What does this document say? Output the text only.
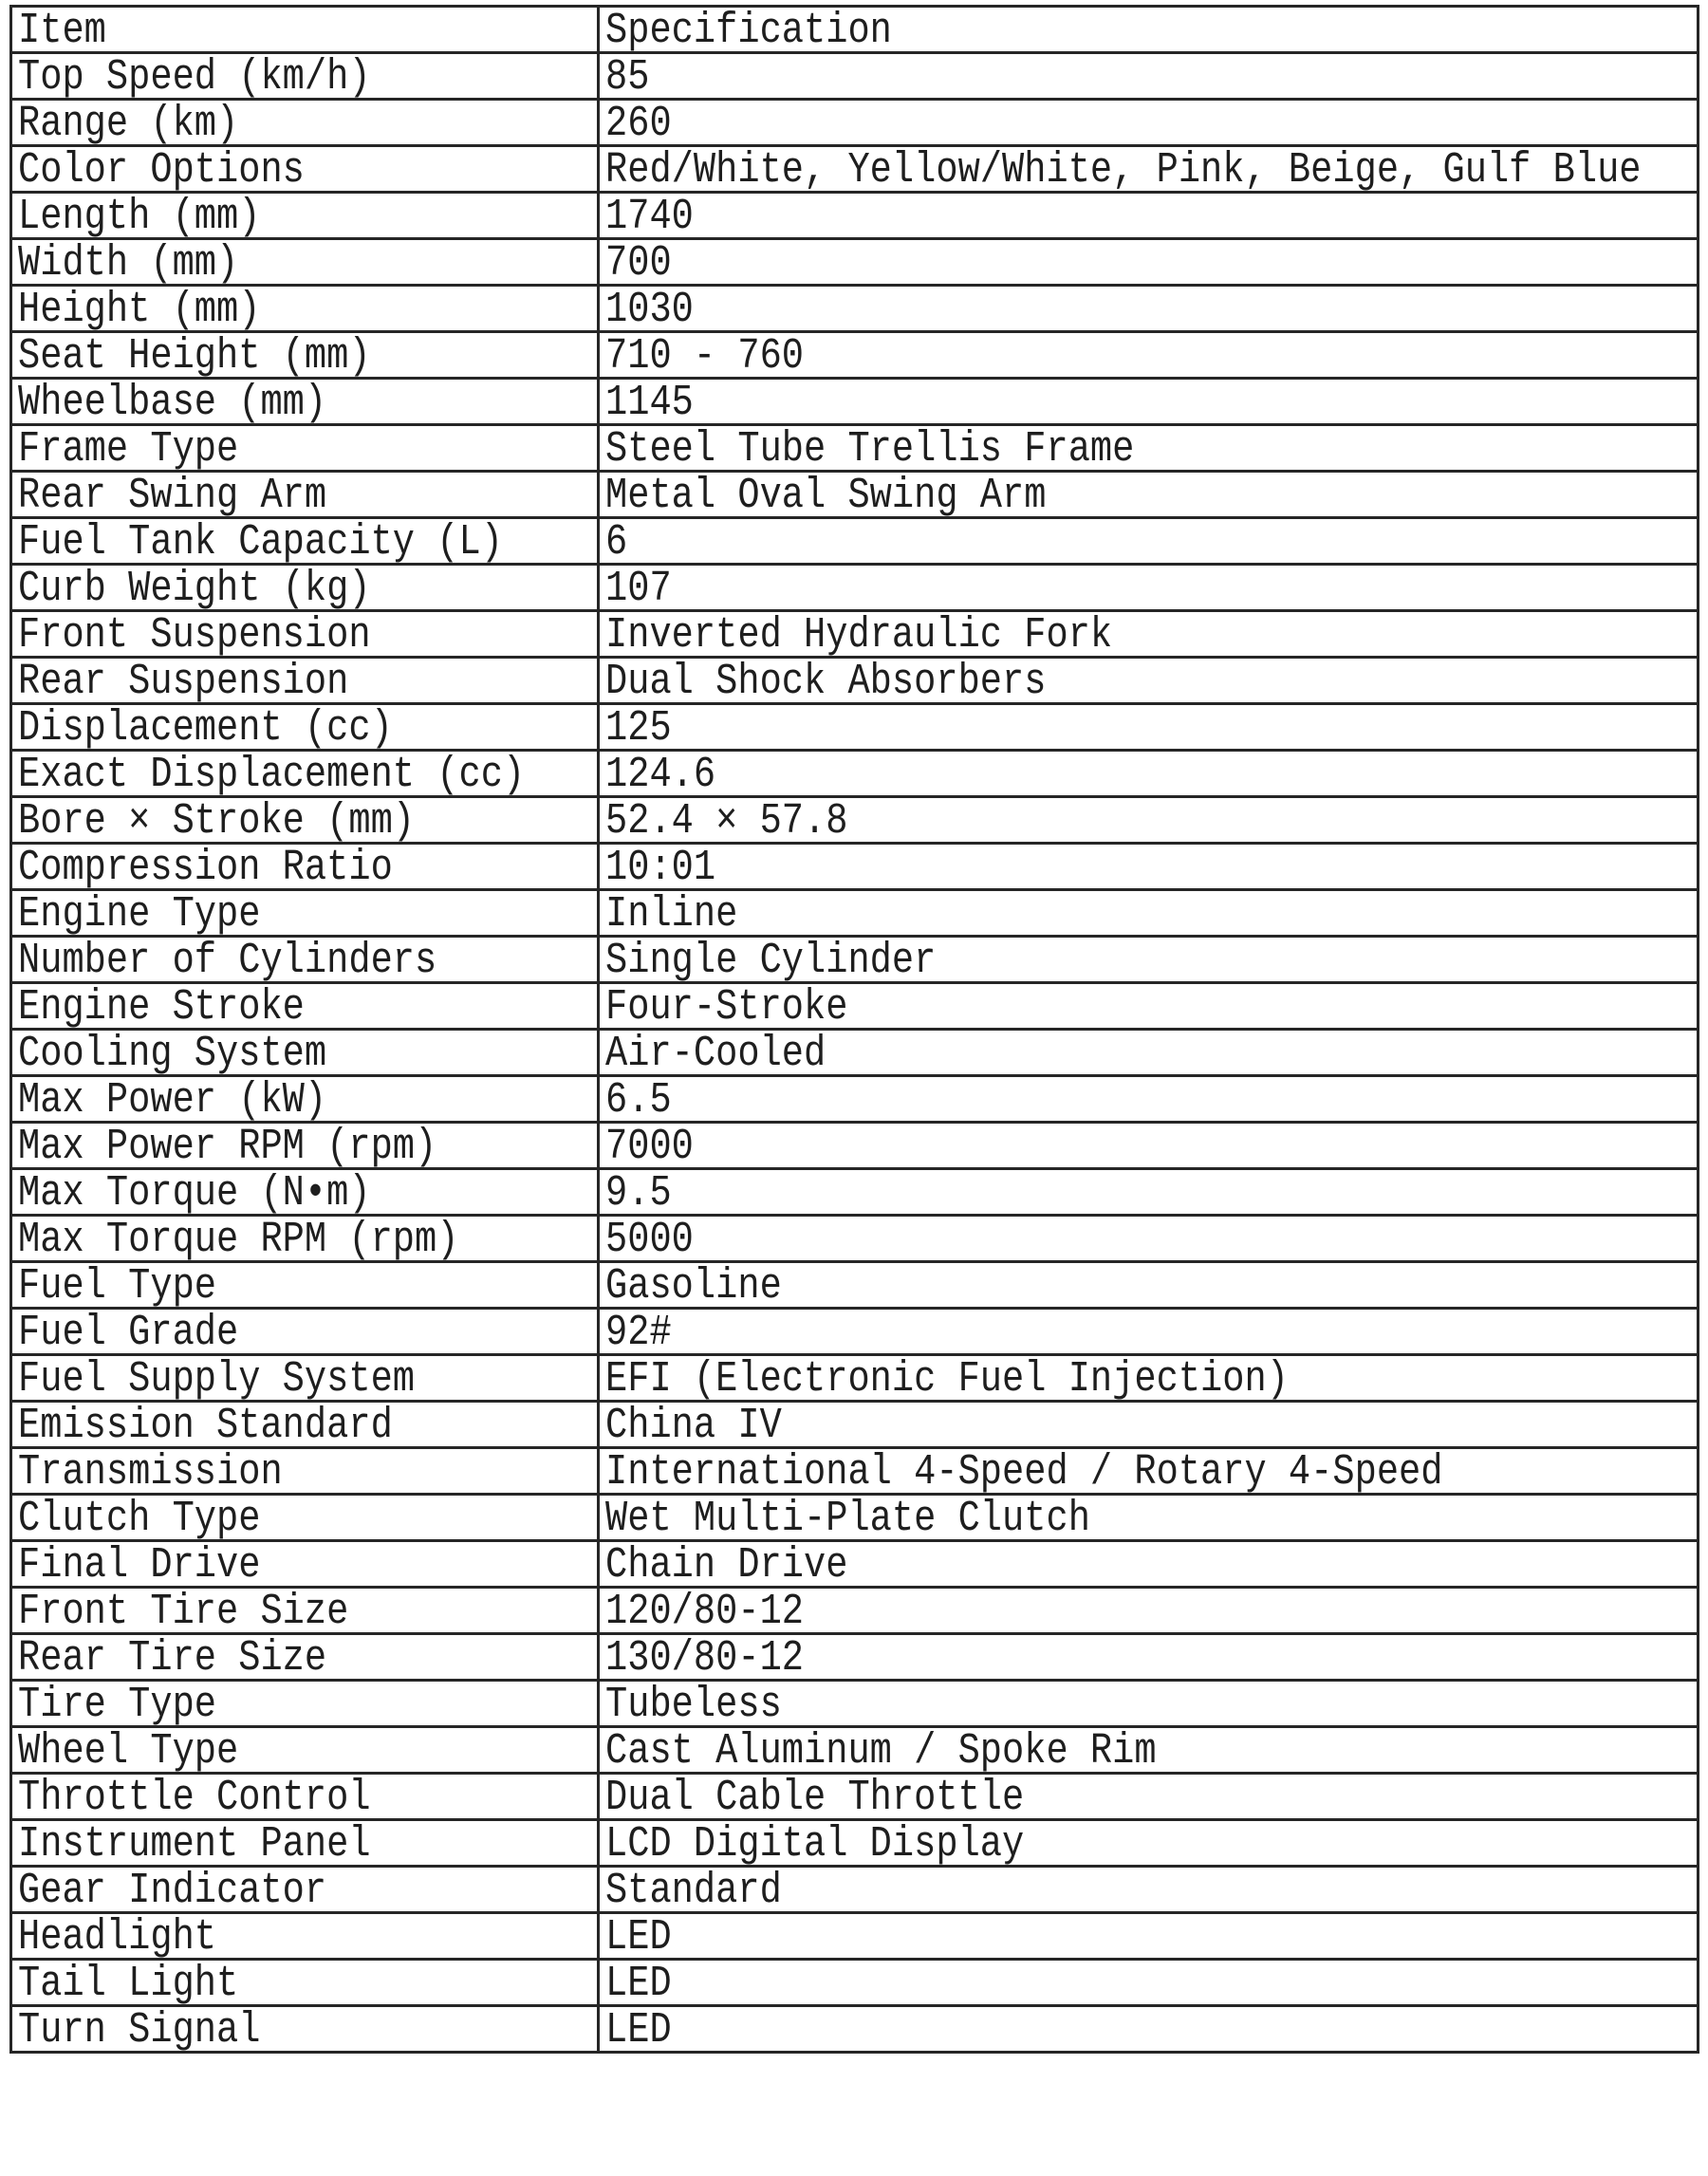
Item	Specification
Top Speed (km/h)	85
Range (km)	260
Color Options	Red/White, Yellow/White, Pink, Beige, Gulf Blue
Length (mm)	1740
Width (mm)	700
Height (mm)	1030
Seat Height (mm)	710 - 760
Wheelbase (mm)	1145
Frame Type	Steel Tube Trellis Frame
Rear Swing Arm	Metal Oval Swing Arm
Fuel Tank Capacity (L)	6
Curb Weight (kg)	107
Front Suspension	Inverted Hydraulic Fork
Rear Suspension	Dual Shock Absorbers
Displacement (cc)	125
Exact Displacement (cc)	124.6
Bore × Stroke (mm)	52.4 × 57.8
Compression Ratio	10:01
Engine Type	Inline
Number of Cylinders	Single Cylinder
Engine Stroke	Four-Stroke
Cooling System	Air-Cooled
Max Power (kW)	6.5
Max Power RPM (rpm)	7000
Max Torque (N•m)	9.5
Max Torque RPM (rpm)	5000
Fuel Type	Gasoline
Fuel Grade	92#
Fuel Supply System	EFI (Electronic Fuel Injection)
Emission Standard	China IV
Transmission	International 4-Speed / Rotary 4-Speed
Clutch Type	Wet Multi-Plate Clutch
Final Drive	Chain Drive
Front Tire Size	120/80-12
Rear Tire Size	130/80-12
Tire Type	Tubeless
Wheel Type	Cast Aluminum / Spoke Rim
Throttle Control	Dual Cable Throttle
Instrument Panel	LCD Digital Display
Gear Indicator	Standard
Headlight	LED
Tail Light	LED
Turn Signal	LED
